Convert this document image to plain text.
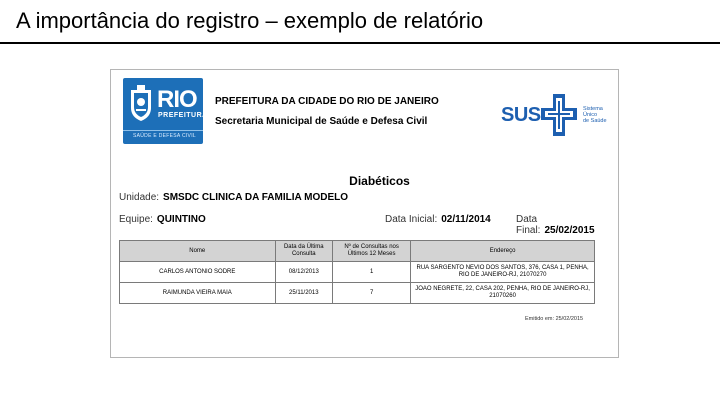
A importância do registro – exemplo de relatório
RIO
PREFEITURA
SAÚDE E DEFESA CIVIL
PREFEITURA DA CIDADE DO RIO DE JANEIRO
Secretaria Municipal de Saúde e Defesa Civil	SUS	Sistema
Único
de Saúde
Diabéticos
Unidade: SMSDC CLINICA DA FAMILIA MODELO
Equipe: QUINTINO	Data Inicial: 02/11/2014	Data Final: 25/02/2015
Nome	Data da Última Consulta	Nº de Consultas nos Últimos 12 Meses	Endereço
CARLOS ANTONIO SODRE	08/12/2013	1	RUA SARGENTO NEVIO DOS SANTOS, 376, CASA 1, PENHA, RIO DE JANEIRO-RJ, 21070270
RAIMUNDA VIEIRA MAIA	25/11/2013	7	JOAO NEGRETE, 22, CASA 202, PENHA, RIO DE JANEIRO-RJ, 21070260
Emitido em: 25/02/2015
